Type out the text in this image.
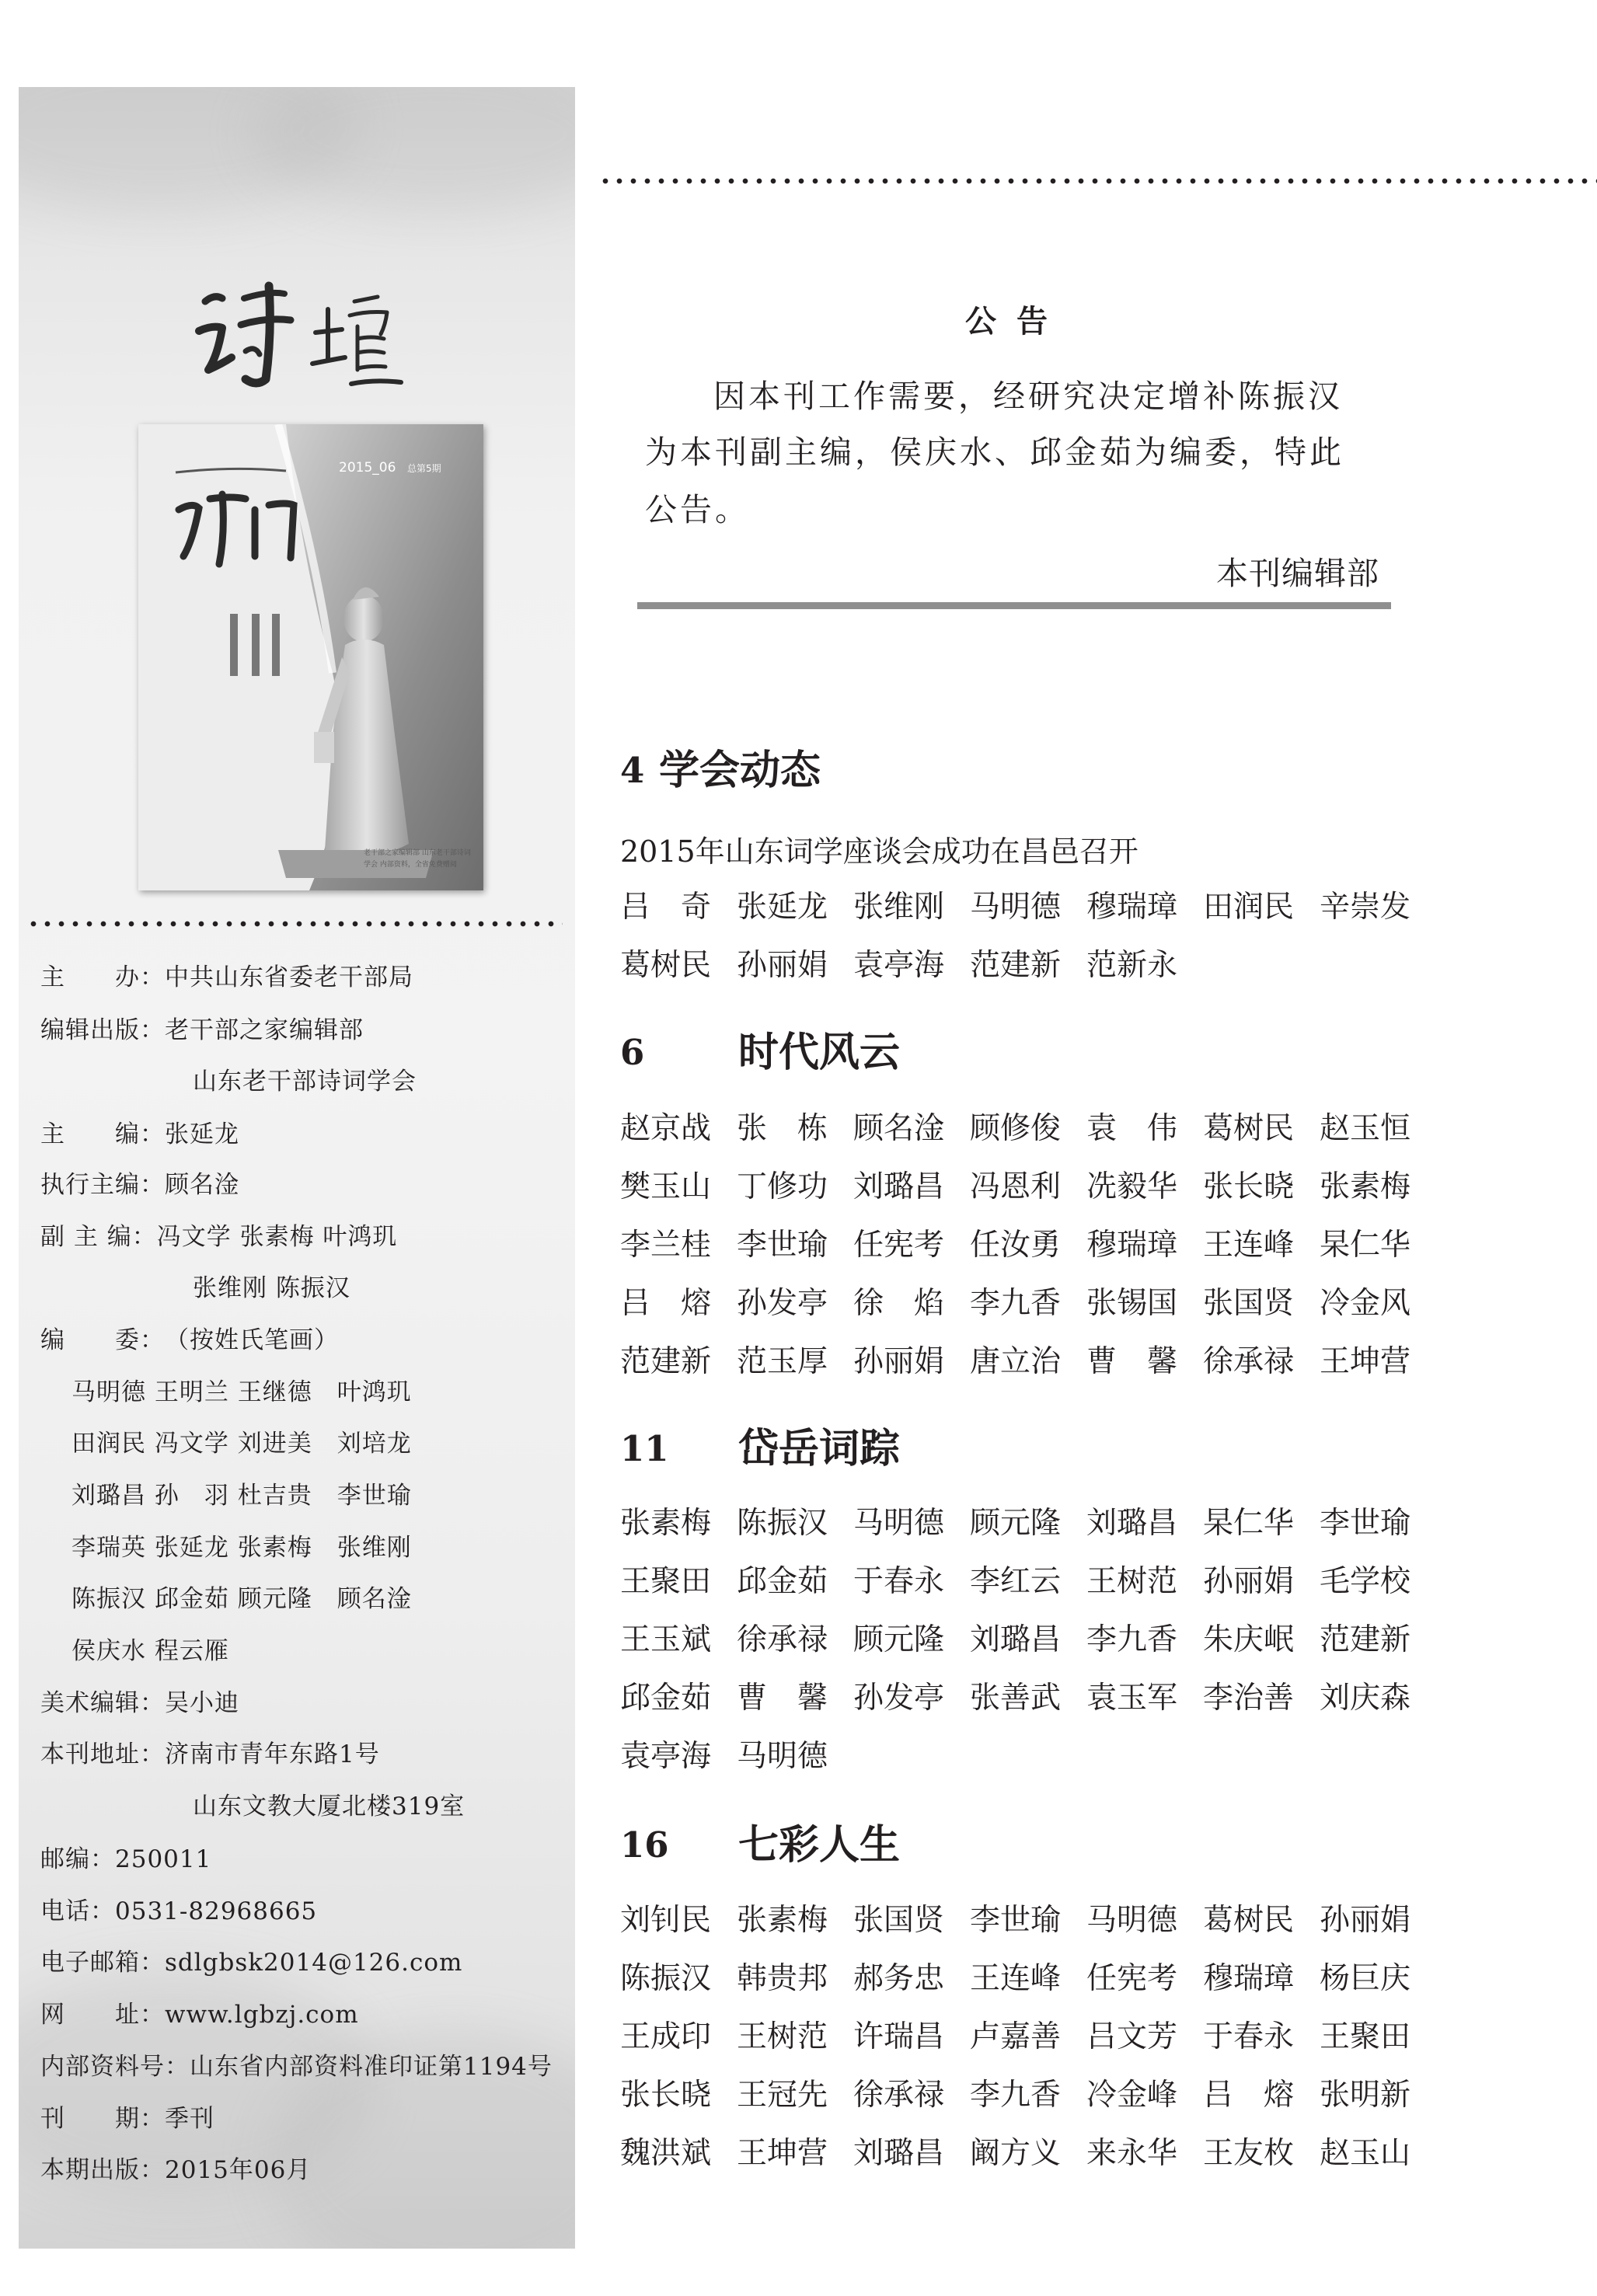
2015_06 总第5期
老干部之家编辑部 山东老干部诗词学会 内部资料，全省免费赠阅
主　　办：中共山东省委老干部局
编辑出版：老干部之家编辑部
山东老干部诗词学会
主　　编：张延龙
执行主编：顾名淦
副 主 编：冯文学 张素梅 叶鸿玑
张维刚 陈振汉
编　　委：（按姓氏笔画）
马明德 王明兰 王继德　叶鸿玑
田润民 冯文学 刘进美　刘培龙
刘璐昌 孙　羽 杜吉贵　李世瑜
李瑞英 张延龙 张素梅　张维刚
陈振汉 邱金茹 顾元隆　顾名淦
侯庆水 程云雁
美术编辑：吴小迪
本刊地址：济南市青年东路1号
山东文教大厦北楼319室
邮编：250011
电话：0531-82968665
电子邮箱：sdlgbsk2014@126.com
网　　址：www.lgbzj.com
内部资料号：山东省内部资料准印证第1194号
刊　　期：季刊
本期出版：2015年06月
公告
因本刊工作需要，经研究决定增补陈振汉
为本刊副主编，侯庆水、邱金茹为编委，特此
公告。
本刊编辑部
4 学会动态
2015年山东词学座谈会成功在昌邑召开
吕　奇 张延龙 张维刚 马明德 穆瑞璋 田润民 辛崇发
葛树民 孙丽娟 袁亭海 范建新 范新永
6 时代风云
赵京战 张　栋 顾名淦 顾修俊 袁　伟 葛树民 赵玉恒
樊玉山 丁修功 刘璐昌 冯恩利 冼毅华 张长晓 张素梅
李兰桂 李世瑜 任宪考 任汝勇 穆瑞璋 王连峰 杲仁华
吕　熔 孙发亭 徐　焰 李九香 张锡国 张国贤 冷金风
范建新 范玉厚 孙丽娟 唐立治 曹　馨 徐承禄 王坤营
11 岱岳词踪
张素梅 陈振汉 马明德 顾元隆 刘璐昌 杲仁华 李世瑜
王聚田 邱金茹 于春永 李红云 王树范 孙丽娟 毛学校
王玉斌 徐承禄 顾元隆 刘璐昌 李九香 朱庆岷 范建新
邱金茹 曹　馨 孙发亭 张善武 袁玉军 李治善 刘庆森
袁亭海 马明德
16 七彩人生
刘钊民 张素梅 张国贤 李世瑜 马明德 葛树民 孙丽娟
陈振汉 韩贵邦 郝务忠 王连峰 任宪考 穆瑞璋 杨巨庆
王成印 王树范 许瑞昌 卢嘉善 吕文芳 于春永 王聚田
张长晓 王冠先 徐承禄 李九香 冷金峰 吕　熔 张明新
魏洪斌 王坤营 刘璐昌 阚方义 来永华 王友枚 赵玉山
